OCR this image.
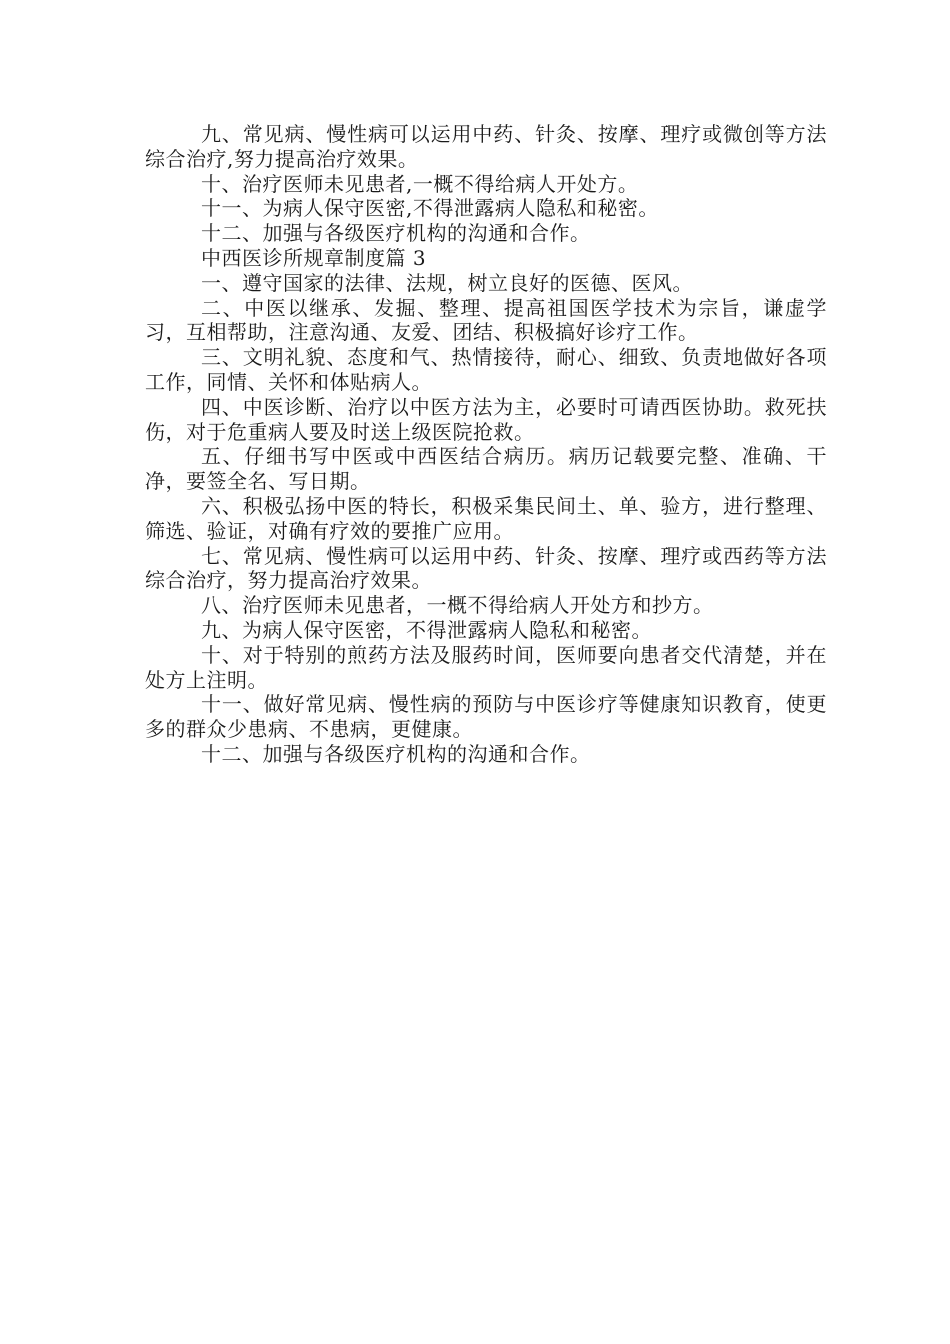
九、常见病、慢性病可以运用中药、针灸、按摩、理疗或微创等方法综合治疗,努力提高治疗效果。

十、治疗医师未见患者,一概不得给病人开处方。

十一、为病人保守医密,不得泄露病人隐私和秘密。

十二、加强与各级医疗机构的沟通和合作。

中西医诊所规章制度篇 3

一、遵守国家的法律、法规，树立良好的医德、医风。

二、中医以继承、发掘、整理、提高祖国医学技术为宗旨，谦虚学习，互相帮助，注意沟通、友爱、团结、积极搞好诊疗工作。

三、文明礼貌、态度和气、热情接待，耐心、细致、负责地做好各项工作，同情、关怀和体贴病人。

四、中医诊断、治疗以中医方法为主，必要时可请西医协助。救死扶伤，对于危重病人要及时送上级医院抢救。

五、仔细书写中医或中西医结合病历。病历记载要完整、准确、干净，要签全名、写日期。

六、积极弘扬中医的特长，积极采集民间土、单、验方，进行整理、筛选、验证，对确有疗效的要推广应用。

七、常见病、慢性病可以运用中药、针灸、按摩、理疗或西药等方法综合治疗，努力提高治疗效果。

八、治疗医师未见患者，一概不得给病人开处方和抄方。

九、为病人保守医密，不得泄露病人隐私和秘密。

十、对于特别的煎药方法及服药时间，医师要向患者交代清楚，并在处方上注明。

十一、做好常见病、慢性病的预防与中医诊疗等健康知识教育，使更多的群众少患病、不患病，更健康。

十二、加强与各级医疗机构的沟通和合作。
